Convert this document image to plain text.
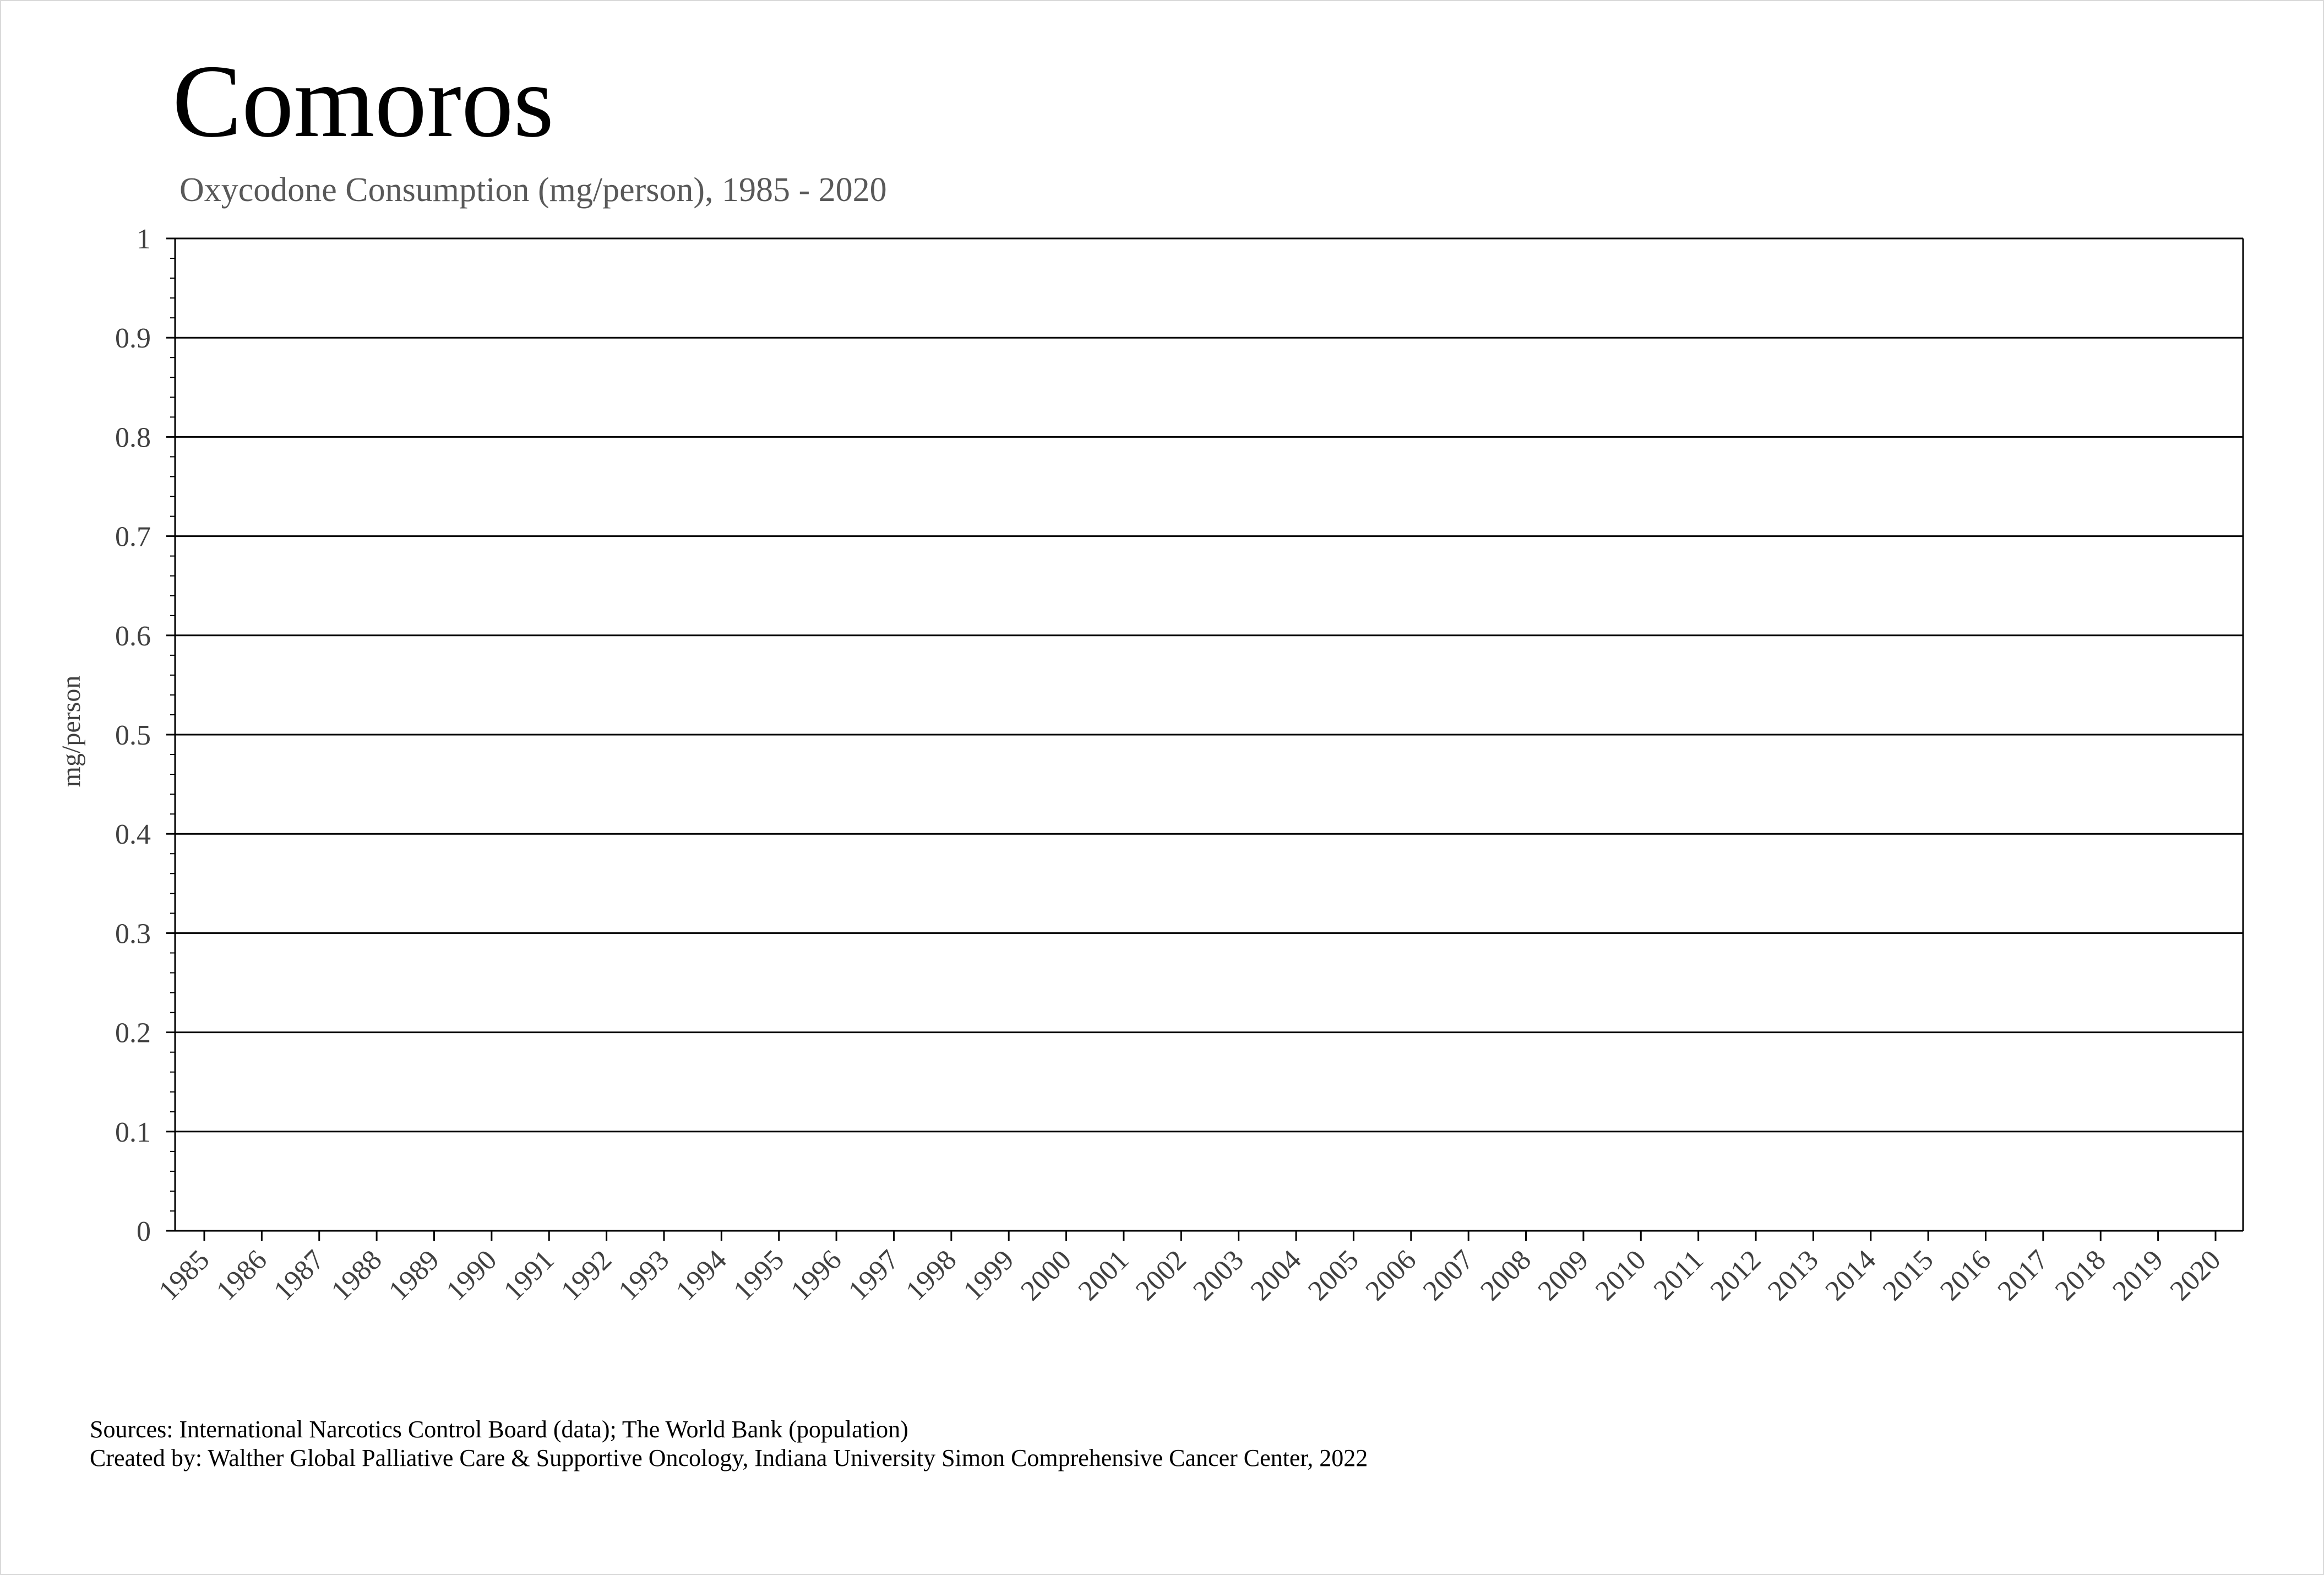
Comoros
Oxycodone Consumption (mg/person), 1985 - 2020
0
0.1
0.2
0.3
0.4
0.5
0.6
0.7
0.8
0.9
1
1985
1986
1987
1988
1989
1990
1991
1992
1993
1994
1995
1996
1997
1998
1999
2000
2001
2002
2003
2004
2005
2006
2007
2008
2009
2010
2011
2012
2013
2014
2015
2016
2017
2018
2019
2020
mg/person
Sources: International Narcotics Control Board (data); The World Bank (population)
Created by: Walther Global Palliative Care & Supportive Oncology, Indiana University Simon Comprehensive Cancer Center, 2022
